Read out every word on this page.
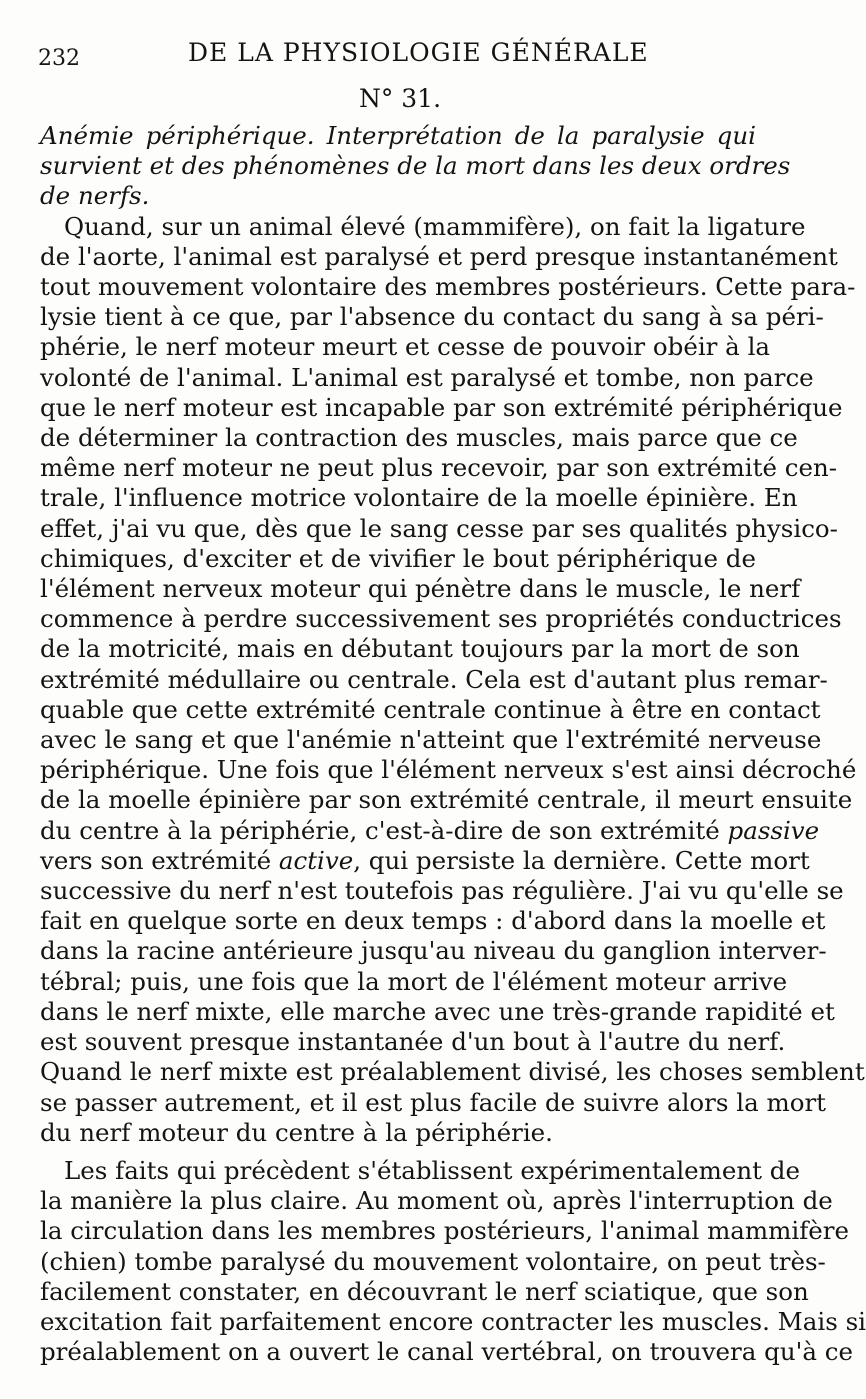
232	DE LA PHYSIOLOGIE GÉNÉRALE
N° 31.

Anémie périphérique. Interprétation de la paralysie qui
survient et des phénomènes de la mort dans les deux ordres
de nerfs.

Quand, sur un animal élevé (mammifère), on fait la ligature
de l'aorte, l'animal est paralysé et perd presque instantanément
tout mouvement volontaire des membres postérieurs. Cette para-
lysie tient à ce que, par l'absence du contact du sang à sa péri-
phérie, le nerf moteur meurt et cesse de pouvoir obéir à la
volonté de l'animal. L'animal est paralysé et tombe, non parce
que le nerf moteur est incapable par son extrémité périphérique
de déterminer la contraction des muscles, mais parce que ce
même nerf moteur ne peut plus recevoir, par son extrémité cen-
trale, l'influence motrice volontaire de la moelle épinière. En
effet, j'ai vu que, dès que le sang cesse par ses qualités physico-
chimiques, d'exciter et de vivifier le bout périphérique de
l'élément nerveux moteur qui pénètre dans le muscle, le nerf
commence à perdre successivement ses propriétés conductrices
de la motricité, mais en débutant toujours par la mort de son
extrémité médullaire ou centrale. Cela est d'autant plus remar-
quable que cette extrémité centrale continue à être en contact
avec le sang et que l'anémie n'atteint que l'extrémité nerveuse
périphérique. Une fois que l'élément nerveux s'est ainsi décroché
de la moelle épinière par son extrémité centrale, il meurt ensuite
du centre à la périphérie, c'est-à-dire de son extrémité passive
vers son extrémité active, qui persiste la dernière. Cette mort
successive du nerf n'est toutefois pas régulière. J'ai vu qu'elle se
fait en quelque sorte en deux temps : d'abord dans la moelle et
dans la racine antérieure jusqu'au niveau du ganglion interver-
tébral; puis, une fois que la mort de l'élément moteur arrive
dans le nerf mixte, elle marche avec une très-grande rapidité et
est souvent presque instantanée d'un bout à l'autre du nerf.
Quand le nerf mixte est préalablement divisé, les choses semblent
se passer autrement, et il est plus facile de suivre alors la mort
du nerf moteur du centre à la périphérie.

Les faits qui précèdent s'établissent expérimentalement de
la manière la plus claire. Au moment où, après l'interruption de
la circulation dans les membres postérieurs, l'animal mammifère
(chien) tombe paralysé du mouvement volontaire, on peut très-
facilement constater, en découvrant le nerf sciatique, que son
excitation fait parfaitement encore contracter les muscles. Mais si
préalablement on a ouvert le canal vertébral, on trouvera qu'à ce
